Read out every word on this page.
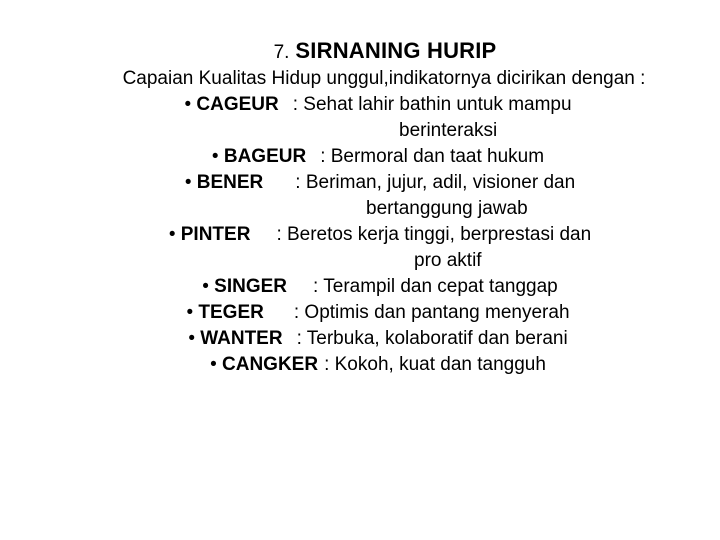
7. SIRNANING HURIP
Capaian Kualitas Hidup unggul,indikatornya dicirikan dengan :
• CAGEUR : Sehat lahir bathin untuk mampu
berinteraksi
• BAGEUR : Bermoral dan taat hukum
• BENER : Beriman, jujur, adil, visioner dan
bertanggung jawab
• PINTER : Beretos kerja tinggi, berprestasi dan
pro aktif
• SINGER : Terampil dan cepat tanggap
• TEGER : Optimis dan pantang menyerah
• WANTER : Terbuka, kolaboratif dan berani
• CANGKER : Kokoh, kuat dan tangguh
